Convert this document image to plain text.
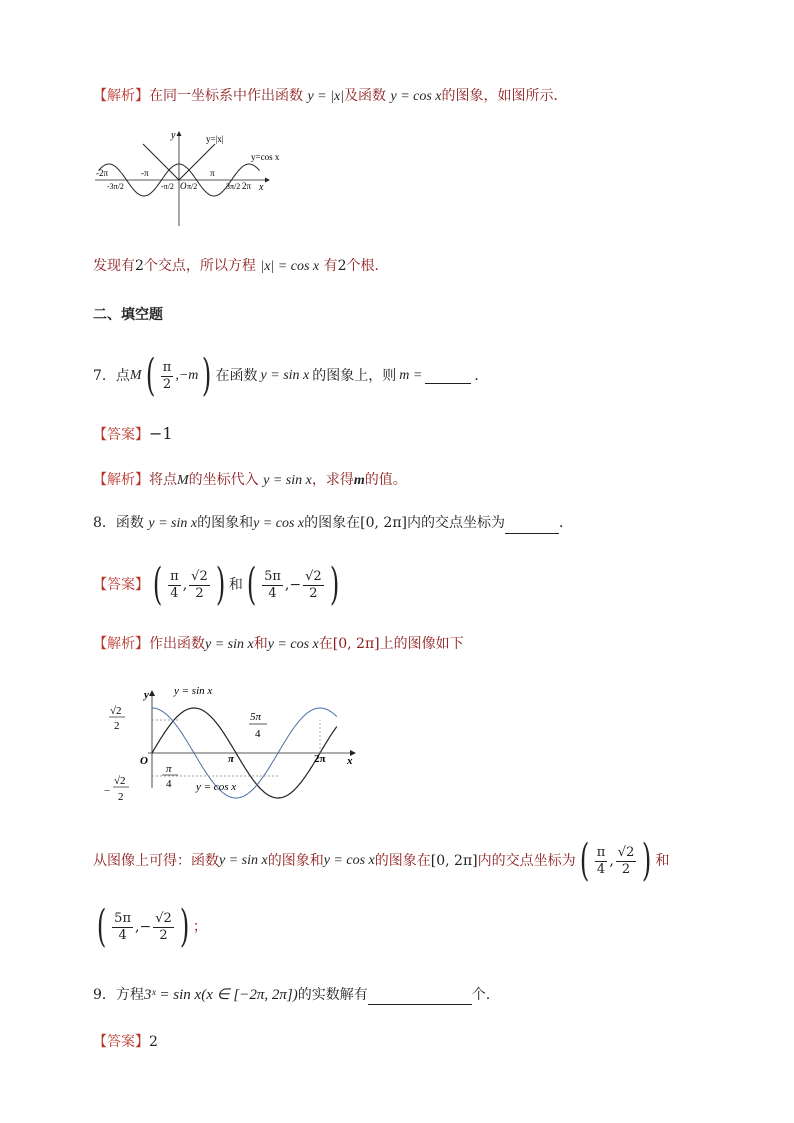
【解析】在同一坐标系中作出函数 y = |x|及函数 y = cos x的图象，如图所示．
y
x
y=|x|
y=cos x
-2π	-π
O
π
2π
-3π/2	-π/2 π/2	3π/2
发现有2个交点，所以方程 |x| = cos x 有2个根．
二、填空题
7．点 M ( $\frac{\pi}{2} ,-m$ ) 在函数 y = sin x 的图象上，则 m =	．
【答案】−1
【解析】将点M的坐标代入 y = sin x，求得m的值。
8．函数 y = sin x的图象和y = cos x的图象在[0, 2π]内的交点坐标为	．
【答案】 ( $\frac{\pi}{4}$ , $\frac{√2}{2}$ ) 和 ( $\frac{5\pi}{4}$ ,− $\frac{√2}{2}$ )
【解析】作出函数y = sin x和y = cos x在[0, 2π]上的图像如下
y
x
O
y = sin x
y = cos x
√2
2
−
√2
2
π
4
5π
4
π	2π
从图像上可得：函数 y = sin x 的图象和 y = cos x 的图象在 [0, 2π] 内的交点坐标为 ( $\frac{\pi}{4}$ , $\frac{√2}{2}$ ) 和
( $\frac{5\pi}{4}$ ,− $\frac{√2}{2}$ ) ；
9．方程3ˣ = sin x(x ∈ [−2π, 2π])的实数解有	个.
【答案】2
